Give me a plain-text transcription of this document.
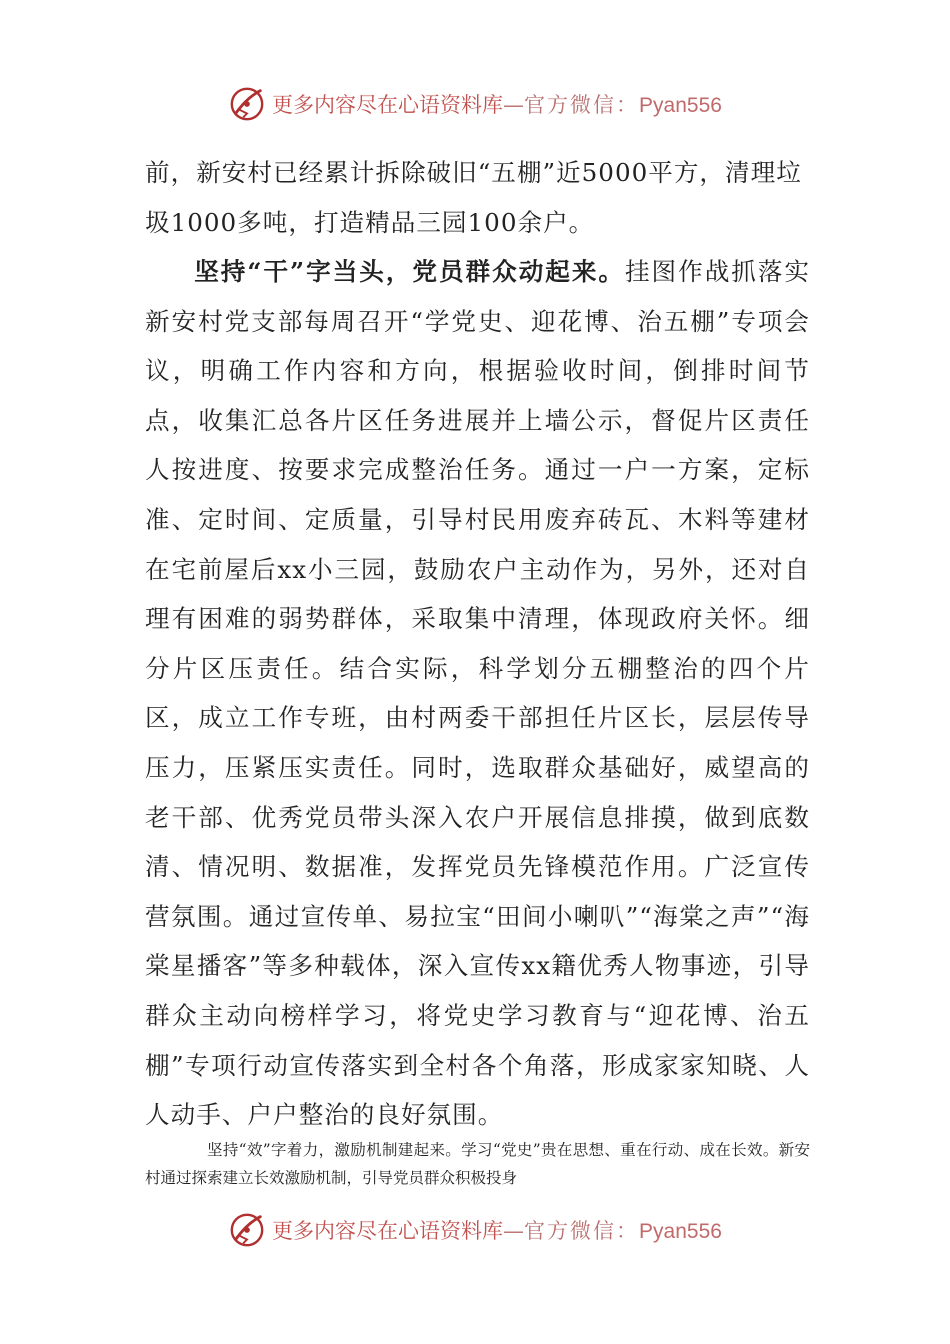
更多内容尽在心语资料库—官方微信：Pyan556

前，新安村已经累计拆除破旧“五棚”近5000平方，清理垃

圾1000多吨，打造精品三园100余户。

坚持“干”字当头，党员群众动起来。挂图作战抓落实新安村党支部每周召开“学党史、迎花博、治五棚”专项会议，明确工作内容和方向，根据验收时间，倒排时间节点，收集汇总各片区任务进展并上墙公示，督促片区责任人按进度、按要求完成整治任务。通过一户一方案，定标准、定时间、定质量，引导村民用废弃砖瓦、木料等建材在宅前屋后xx小三园，鼓励农户主动作为，另外，还对自理有困难的弱势群体，采取集中清理，体现政府关怀。细分片区压责任。结合实际，科学划分五棚整治的四个片区，成立工作专班，由村两委干部担任片区长，层层传导压力，压紧压实责任。同时，选取群众基础好，威望高的老干部、优秀党员带头深入农户开展信息排摸，做到底数清、情况明、数据准，发挥党员先锋模范作用。广泛宣传营氛围。通过宣传单、易拉宝“田间小喇叭”“海棠之声”“海棠星播客”等多种载体，深入宣传xx籍优秀人物事迹，引导群众主动向榜样学习，将党史学习教育与“迎花博、治五棚”专项行动宣传落实到全村各个角落，形成家家知晓、人人动手、户户整治的良好氛围。

坚持“效”字着力，激励机制建起来。学习“党史”贵在思想、重在行动、成在长效。新安村通过探索建立长效激励机制，引导党员群众积极投身
更多内容尽在心语资料库—官方微信：Pyan556
